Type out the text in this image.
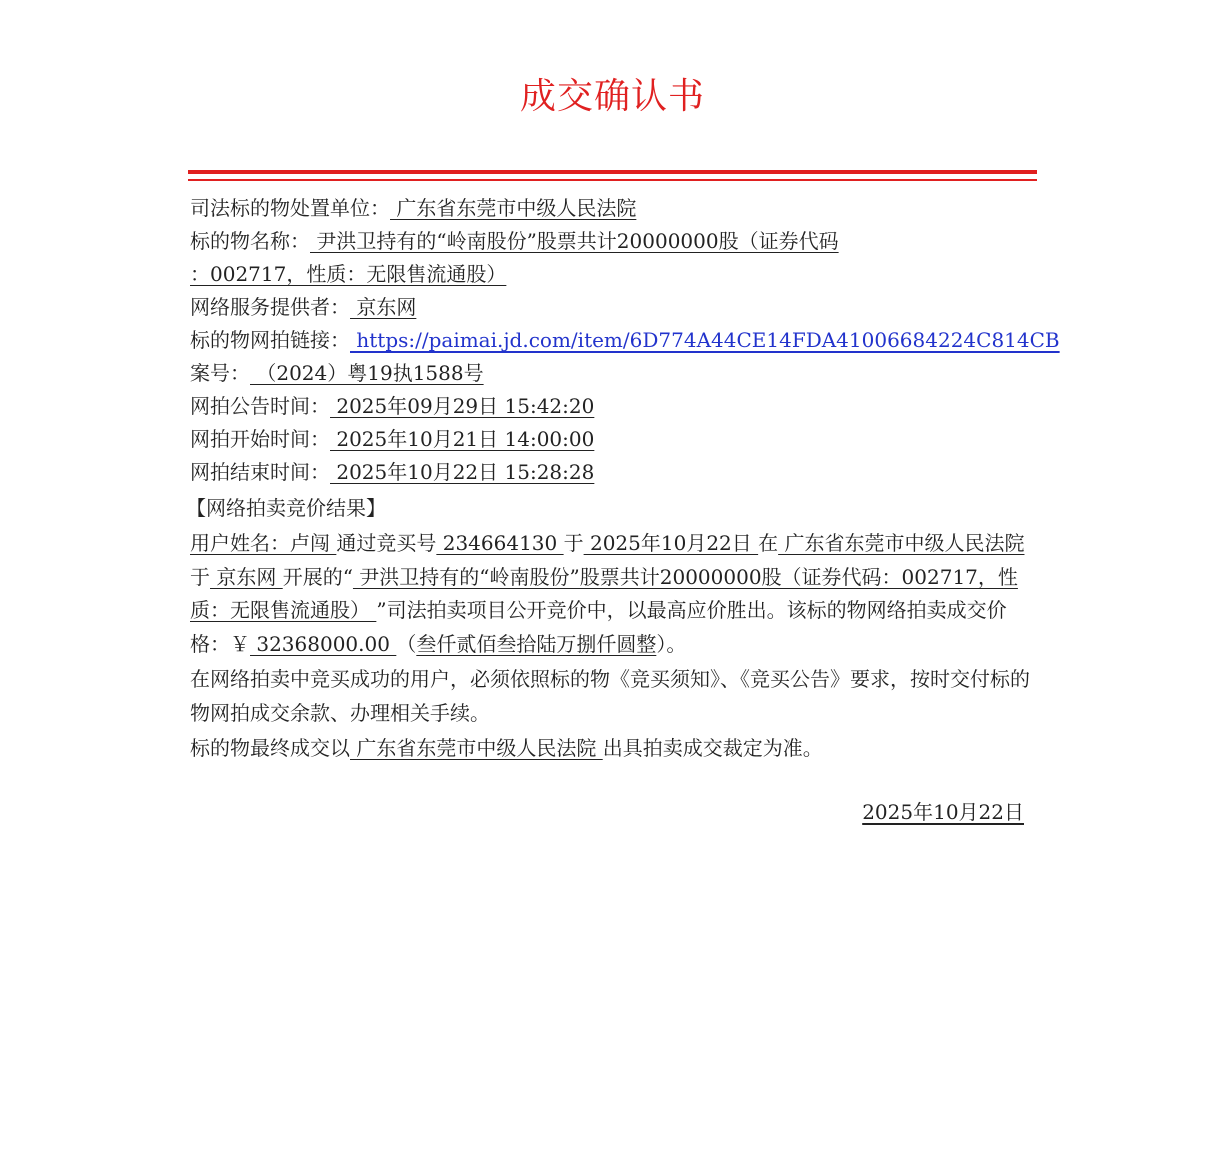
成交确认书
司法标的物处置单位： 广东省东莞市中级人民法院
标的物名称： 尹洪卫持有的“岭南股份”股票共计20000000股（证券代码
：002717，性质：无限售流通股）
网络服务提供者： 京东网
标的物网拍链接： https://paimai.jd.com/item/6D774A44CE14FDA41006684224C814CB
案号： （2024）粤19执1588号
网拍公告时间： 2025年09月29日 15:42:20
网拍开始时间： 2025年10月21日 14:00:00
网拍结束时间： 2025年10月22日 15:28:28
【网络拍卖竞价结果】
用户姓名：卢闯 通过竞买号 234664130 于 2025年10月22日 在 广东省东莞市中级人民法院 于 京东网 开展的“ 尹洪卫持有的“岭南股份”股票共计20000000股（证券代码：002717，性质：无限售流通股） ”司法拍卖项目公开竞价中，以最高应价胜出。该标的物网络拍卖成交价格：￥ 32368000.00 （叁仟贰佰叁拾陆万捌仟圆整）。
在网络拍卖中竞买成功的用户，必须依照标的物《竞买须知》、《竞买公告》要求，按时交付标的物网拍成交余款、办理相关手续。
标的物最终成交以 广东省东莞市中级人民法院 出具拍卖成交裁定为准。
2025年10月22日
